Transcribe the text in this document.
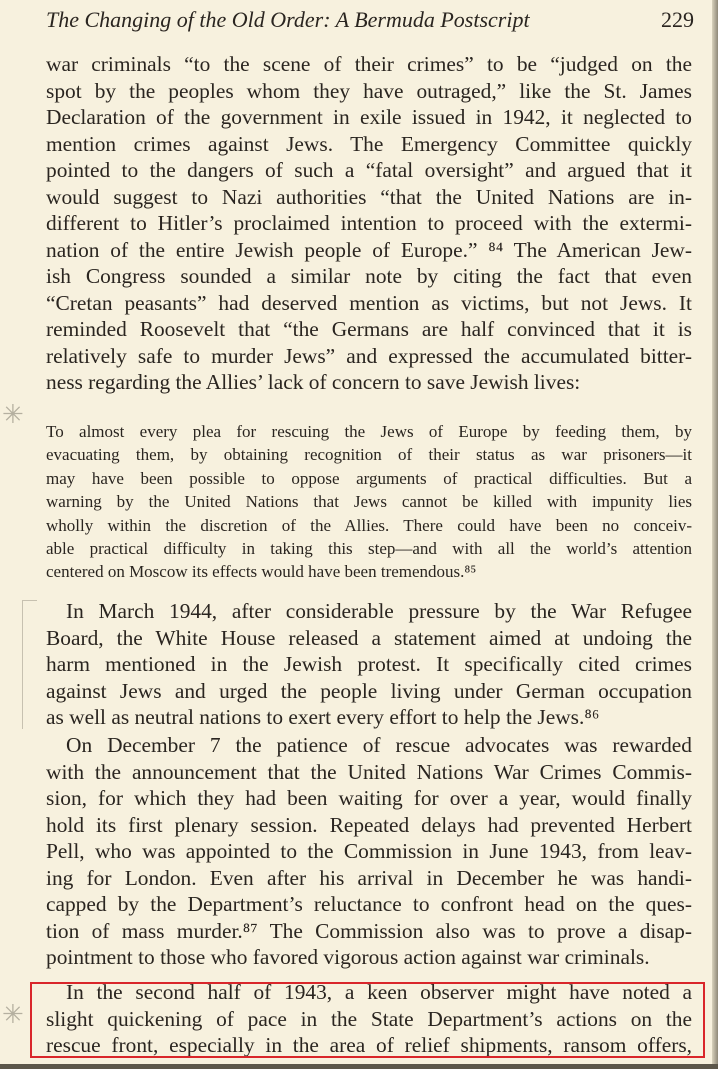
The Changing of the Old Order: A Bermuda Postscript	229
war criminals “to the scene of their crimes” to be “judged on the
spot by the peoples whom they have outraged,” like the St. James
Declaration of the government in exile issued in 1942, it neglected to
mention crimes against Jews. The Emergency Committee quickly
pointed to the dangers of such a “fatal oversight” and argued that it
would suggest to Nazi authorities “that the United Nations are in-
different to Hitler’s proclaimed intention to proceed with the extermi-
nation of the entire Jewish people of Europe.” ⁸⁴ The American Jew-
ish Congress sounded a similar note by citing the fact that even
“Cretan peasants” had deserved mention as victims, but not Jews. It
reminded Roosevelt that “the Germans are half convinced that it is
relatively safe to murder Jews” and expressed the accumulated bitter-
ness regarding the Allies’ lack of concern to save Jewish lives:
✳
To almost every plea for rescuing the Jews of Europe by feeding them, by
evacuating them, by obtaining recognition of their status as war prisoners—it
may have been possible to oppose arguments of practical difficulties. But a
warning by the United Nations that Jews cannot be killed with impunity lies
wholly within the discretion of the Allies. There could have been no conceiv-
able practical difficulty in taking this step—and with all the world’s attention
centered on Moscow its effects would have been tremendous.⁸⁵
In March 1944, after considerable pressure by the War Refugee
Board, the White House released a statement aimed at undoing the
harm mentioned in the Jewish protest. It specifically cited crimes
against Jews and urged the people living under German occupation
as well as neutral nations to exert every effort to help the Jews.⁸⁶
On December 7 the patience of rescue advocates was rewarded
with the announcement that the United Nations War Crimes Commis-
sion, for which they had been waiting for over a year, would finally
hold its first plenary session. Repeated delays had prevented Herbert
Pell, who was appointed to the Commission in June 1943, from leav-
ing for London. Even after his arrival in December he was handi-
capped by the Department’s reluctance to confront head on the ques-
tion of mass murder.⁸⁷ The Commission also was to prove a disap-
pointment to those who favored vigorous action against war criminals.
✳
In the second half of 1943, a keen observer might have noted a
slight quickening of pace in the State Department’s actions on the
rescue front, especially in the area of relief shipments, ransom offers,
